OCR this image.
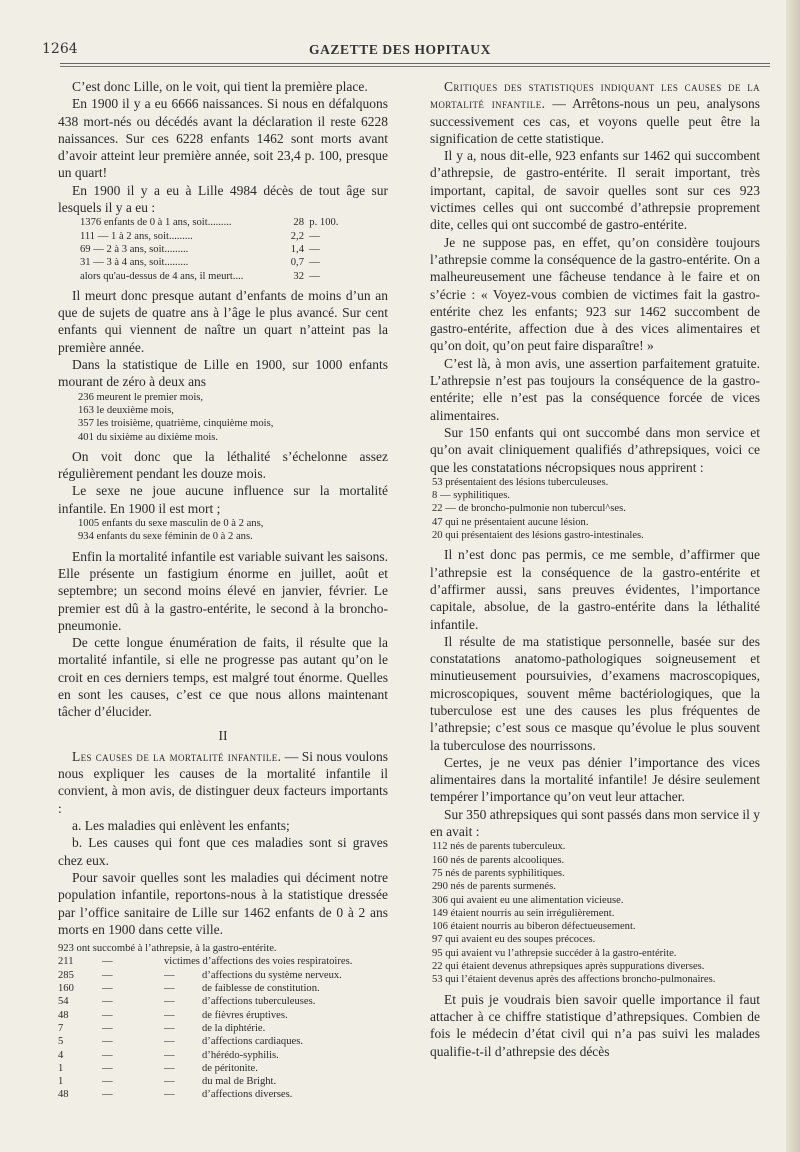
1264	GAZETTE DES HOPITAUX

C’est donc Lille, on le voit, qui tient la première place.

En 1900 il y a eu 6666 naissances. Si nous en défalquons 438 mort-nés ou décédés avant la déclaration il reste 6228 naissances. Sur ces 6228 enfants 1462 sont morts avant d’avoir atteint leur première année, soit 23,4 p. 100, presque un quart!

En 1900 il y a eu à Lille 4984 décès de tout âge sur lesquels il y a eu :

1376 enfants de 0 à 1 ans, soit.........	28 p. 100.
111 — 1 à 2 ans, soit.........	2,2 —
69 — 2 à 3 ans, soit.........	1,4 —
31 — 3 à 4 ans, soit.........	0,7 —
alors qu'au-dessus de 4 ans, il meurt....	32 —

Il meurt donc presque autant d’enfants de moins d’un an que de sujets de quatre ans à l’âge le plus avancé. Sur cent enfants qui viennent de naître un quart n’atteint pas la première année.

Dans la statistique de Lille en 1900, sur 1000 enfants mourant de zéro à deux ans

236 meurent le premier mois,
163 le deuxième mois,
357 les troisième, quatrième, cinquième mois,
401 du sixième au dixième mois.

On voit donc que la léthalité s’échelonne assez régulièrement pendant les douze mois.

Le sexe ne joue aucune influence sur la mortalité infantile. En 1900 il est mort ;

1005 enfants du sexe masculin de 0 à 2 ans,
934 enfants du sexe féminin de 0 à 2 ans.

Enfin la mortalité infantile est variable suivant les saisons. Elle présente un fastigium énorme en juillet, août et septembre; un second moins élevé en janvier, février. Le premier est dû à la gastro-entérite, le second à la broncho-pneumonie.

De cette longue énumération de faits, il résulte que la mortalité infantile, si elle ne progresse pas autant qu’on le croit en ces derniers temps, est malgré tout énorme. Quelles en sont les causes, c’est ce que nous allons maintenant tâcher d’élucider.

II

Les causes de la mortalité infantile. — Si nous voulons nous expliquer les causes de la mortalité infantile il convient, à mon avis, de distinguer deux facteurs importants :

a. Les maladies qui enlèvent les enfants;

b. Les causes qui font que ces maladies sont si graves chez eux.

Pour savoir quelles sont les maladies qui déciment notre population infantile, reportons-nous à la statistique dressée par l’office sanitaire de Lille sur 1462 enfants de 0 à 2 ans morts en 1900 dans cette ville.

923 ont succombé à l’athrepsie, à la gastro-entérite.
211	—	victimes d’affections des voies respiratoires.	
285	—	—	d’affections du système nerveux.
160	—	—	de faiblesse de constitution.
54	—	—	d’affections tuberculeuses.
48	—	—	de fièvres éruptives.
7	—	—	de la diphtérie.
5	—	—	d’affections cardiaques.
4	—	—	d’hérédo-syphilis.
1	—	—	de péritonite.
1	—	—	du mal de Bright.
48	—	—	d’affections diverses.

Critiques des statistiques indiquant les causes de la mortalité infantile. — Arrêtons-nous un peu, analysons successivement ces cas, et voyons quelle peut être la signification de cette statistique.

Il y a, nous dit-elle, 923 enfants sur 1462 qui succombent d’athrepsie, de gastro-entérite. Il serait important, très important, capital, de savoir quelles sont sur ces 923 victimes celles qui ont succombé d’athrepsie proprement dite, celles qui ont succombé de gastro-entérite.

Je ne suppose pas, en effet, qu’on considère toujours l’athrepsie comme la conséquence de la gastro-entérite. On a malheureusement une fâcheuse tendance à le faire et on s’écrie : « Voyez-vous combien de victimes fait la gastro-entérite chez les enfants; 923 sur 1462 succombent de gastro-entérite, affection due à des vices alimentaires et qu’on doit, qu’on peut faire disparaître! »

C’est là, à mon avis, une assertion parfaitement gratuite. L’athrepsie n’est pas toujours la conséquence de la gastro-entérite; elle n’est pas la conséquence forcée de vices alimentaires.

Sur 150 enfants qui ont succombé dans mon service et qu’on avait cliniquement qualifiés d’athrepsiques, voici ce que les constatations nécropsiques nous apprirent :

53 présentaient des lésions tuberculeuses.
8 — syphilitiques.
22 — de broncho-pulmonie non tubercul^ses.
47 qui ne présentaient aucune lésion.
20 qui présentaient des lésions gastro-intestinales.

Il n’est donc pas permis, ce me semble, d’affirmer que l’athrepsie est la conséquence de la gastro-entérite et d’affirmer aussi, sans preuves évidentes, l’importance capitale, absolue, de la gastro-entérite dans la léthalité infantile.

Il résulte de ma statistique personnelle, basée sur des constatations anatomo-pathologiques soigneusement et minutieusement poursuivies, d’examens macroscopiques, microscopiques, souvent même bactériologiques, que la tuberculose est une des causes les plus fréquentes de l’athrepsie; c’est sous ce masque qu’évolue le plus souvent la tuberculose des nourrissons.

Certes, je ne veux pas dénier l’importance des vices alimentaires dans la mortalité infantile! Je désire seulement tempérer l’importance qu’on veut leur attacher.

Sur 350 athrepsiques qui sont passés dans mon service il y en avait :

112 nés de parents tuberculeux.
160 nés de parents alcooliques.
75 nés de parents syphilitiques.
290 nés de parents surmenés.
306 qui avaient eu une alimentation vicieuse.
149 étaient nourris au sein irrégulièrement.
106 étaient nourris au biberon défectueusement.
97 qui avaient eu des soupes précoces.
95 qui avaient vu l’athrepsie succéder à la gastro-entérite.
22 qui étaient devenus athrepsiques après suppurations diverses.
53 qui l’étaient devenus après des affections broncho-pulmonaires.

Et puis je voudrais bien savoir quelle importance il faut attacher à ce chiffre statistique d’athrepsiques. Combien de fois le médecin d’état civil qui n’a pas suivi les malades qualifie-t-il d’athrepsie des décès
